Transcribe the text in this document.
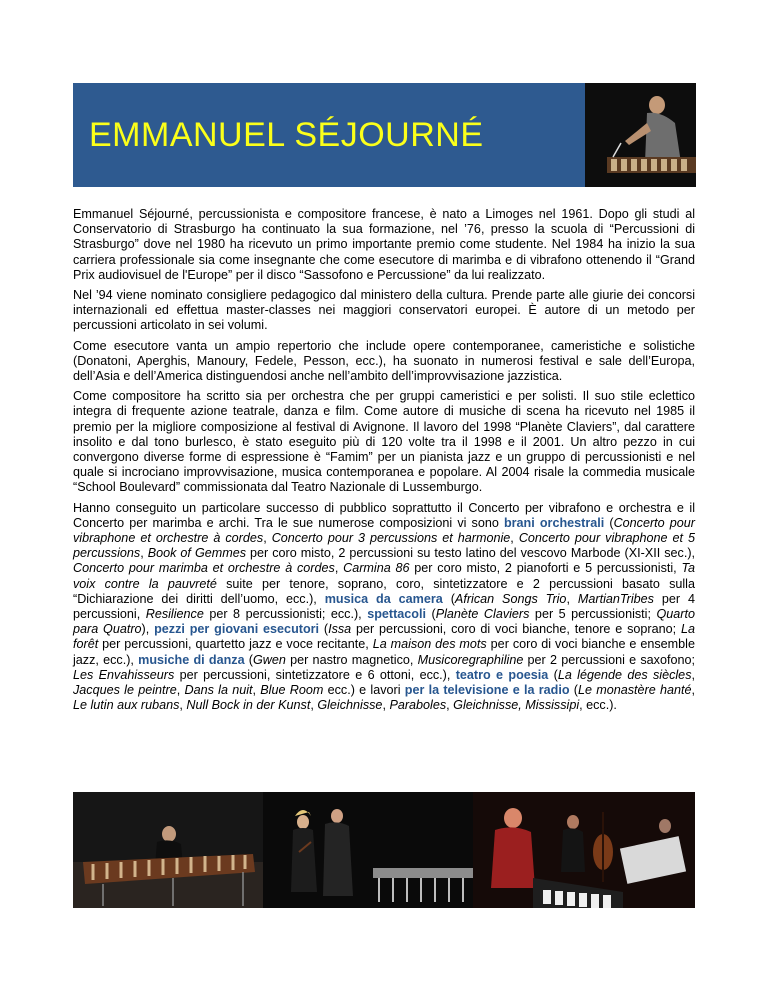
EMMANUEL SÉJOURNÉ

Emmanuel Séjourné, percussionista e compositore francese, è nato a Limoges nel 1961. Dopo gli studi al Conservatorio di Strasburgo ha continuato la sua formazione, nel ’76, presso la scuola di “Percussioni di Strasburgo” dove nel 1980 ha ricevuto un primo importante premio come studente. Nel 1984 ha inizio la sua carriera professionale sia come insegnante che come esecutore di marimba e di vibrafono ottenendo il “Grand Prix audiovisuel de l'Europe” per il disco “Sassofono e Percussione” da lui realizzato.

Nel ’94 viene nominato consigliere pedagogico dal ministero della cultura. Prende parte alle giurie dei concorsi internazionali ed effettua master-classes nei maggiori conservatori europei. È autore di un metodo per percussioni articolato in sei volumi.

Come esecutore vanta un ampio repertorio che include opere contemporanee, cameristiche e solistiche (Donatoni, Aperghis, Manoury, Fedele, Pesson, ecc.), ha suonato in numerosi festival e sale dell’Europa, dell’Asia e dell’America distinguendosi anche nell’ambito dell’improvvisazione jazzistica.

Come compositore ha scritto sia per orchestra che per gruppi cameristici e per solisti. Il suo stile eclettico integra di frequente azione teatrale, danza e film. Come autore di musiche di scena ha ricevuto nel 1985 il premio per la migliore composizione al festival di Avignone. Il lavoro del 1998 “Planète Claviers”, dal carattere insolito e dal tono burlesco, è stato eseguito più di 120 volte tra il 1998 e il 2001. Un altro pezzo in cui convergono diverse forme di espressione è “Famim” per un pianista jazz e un gruppo di percussionisti e nel quale si incrociano improvvisazione, musica contemporanea e popolare. Al 2004 risale la commedia musicale “School Boulevard” commissionata dal Teatro Nazionale di Lussemburgo.

Hanno conseguito un particolare successo di pubblico soprattutto il Concerto per vibrafono e orchestra e il Concerto per marimba e archi. Tra le sue numerose composizioni vi sono brani orchestrali (Concerto pour vibraphone et orchestre à cordes, Concerto pour 3 percussions et harmonie, Concerto pour vibraphone et 5 percussions, Book of Gemmes per coro misto, 2 percussioni su testo latino del vescovo Marbode (XI-XII sec.), Concerto pour marimba et orchestre à cordes, Carmina 86 per coro misto, 2 pianoforti e 5 percussionisti, Ta voix contre la pauvreté suite per tenore, soprano, coro, sintetizzatore e 2 percussioni basato sulla “Dichiarazione dei diritti dell’uomo, ecc.), musica da camera (African Songs Trio, MartianTribes per 4 percussioni, Resilience per 8 percussionisti; ecc.), spettacoli (Planète Claviers per 5 percussionisti; Quarto para Quatro), pezzi per giovani esecutori (Issa per percussioni, coro di voci bianche, tenore e soprano; La forêt per percussioni, quartetto jazz e voce recitante, La maison des mots per coro di voci bianche e ensemble jazz, ecc.), musiche di danza (Gwen per nastro magnetico, Musicoregraphiline per 2 percussioni e saxofono; Les Envahisseurs per percussioni, sintetizzatore e 6 ottoni, ecc.), teatro e poesia (La légende des siècles, Jacques le peintre, Dans la nuit, Blue Room ecc.) e lavori per la televisione e la radio (Le monastère hanté, Le lutin aux rubans, Null Bock in der Kunst, Gleichnisse, Paraboles, Gleichnisse, Mississipi, ecc.).
